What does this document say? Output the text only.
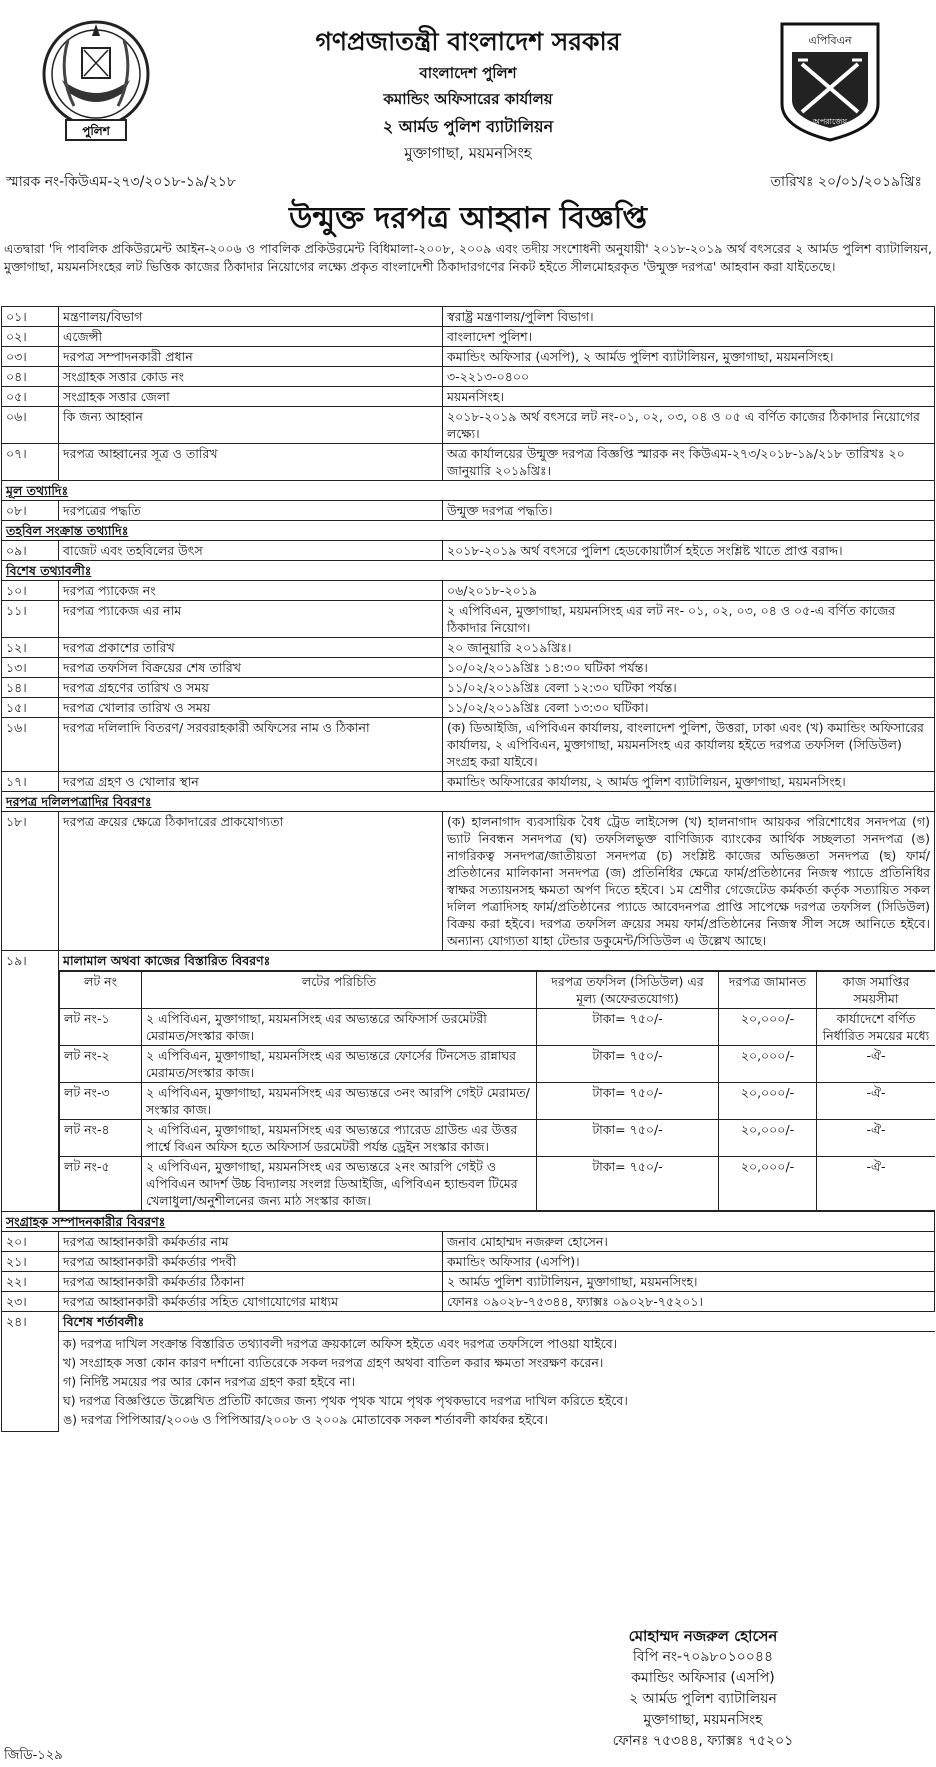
পুলিশ
এপিবিএন
অপরাজেয়
গণপ্রজাতন্ত্রী বাংলাদেশ সরকার
বাংলাদেশ পুলিশ
কমান্ডিং অফিসারের কার্যালয়
২ আর্মড পুলিশ ব্যাটালিয়ন
মুক্তাগাছা, ময়মনসিংহ
স্মারক নং-কিউএম-২৭৩/২০১৮-১৯/২১৮	তারিখঃ ২০/০১/২০১৯খ্রিঃ
উন্মুক্ত দরপত্র আহ্বান বিজ্ঞপ্তি
এতদ্বারা 'দি পাবলিক প্রকিউরমেন্ট আইন-২০০৬ ও পাবলিক প্রকিউরমেন্ট বিধিমালা-২০০৮, ২০০৯ এবং তদীয় সংশোধনী অনুযায়ী' ২০১৮-২০১৯ অর্থ বৎসরের ২ আর্মড পুলিশ ব্যাটালিয়ন, মুক্তাগাছা, ময়মনসিংহের লট ভিত্তিক কাজের ঠিকাদার নিয়োগের লক্ষ্যে প্রকৃত বাংলাদেশী ঠিকাদারগণের নিকট হইতে সীলমোহরকৃত 'উন্মুক্ত দরপত্র' আহবান করা যাইতেছে।
০১।	মন্ত্রণালয়/বিভাগ	স্বরাষ্ট্র মন্ত্রণালয়/পুলিশ বিভাগ।
০২।	এজেন্সী	বাংলাদেশ পুলিশ।
০৩।	দরপত্র সম্পাদনকারী প্রধান	কমান্ডিং অফিসার (এসপি), ২ আর্মড পুলিশ ব্যাটালিয়ন, মুক্তাগাছা, ময়মনসিংহ।
০৪।	সংগ্রাহক সত্তার কোড নং	৩-২২১৩-০৪০০
০৫।	সংগ্রাহক সত্তার জেলা	ময়মনসিংহ।
০৬।	কি জন্য আহ্বান	২০১৮-২০১৯ অর্থ বৎসরে লট নং-০১, ০২, ০৩, ০৪ ও ০৫ এ বর্ণিত কাজের ঠিকাদার নিয়োগের লক্ষ্যে।
০৭।	দরপত্র আহ্বানের সূত্র ও তারিখ	অত্র কার্যালয়ের উন্মুক্ত দরপত্র বিজ্ঞপ্তি স্মারক নং কিউএম-২৭৩/২০১৮-১৯/২১৮ তারিখঃ ২০ জানুয়ারি ২০১৯খ্রিঃ।
মূল তথ্যাদিঃ
০৮।	দরপত্রের পদ্ধতি	উন্মুক্ত দরপত্র পদ্ধতি।
তহবিল সংক্রান্ত তথ্যাদিঃ
০৯।	বাজেট এবং তহবিলের উৎস	২০১৮-২০১৯ অর্থ বৎসরে পুলিশ হেডকোয়ার্টার্স হইতে সংশ্লিষ্ট খাতে প্রাপ্ত বরাদ্দ।
বিশেষ তথ্যাবলীঃ
১০।	দরপত্র প্যাকেজ নং	০৬/২০১৮-২০১৯
১১।	দরপত্র প্যাকেজ এর নাম	২ এপিবিএন, মুক্তাগাছা, ময়মনসিংহ এর লট নং- ০১, ০২, ০৩, ০৪ ও ০৫-এ বর্ণিত কাজের ঠিকাদার নিয়োগ।
১২।	দরপত্র প্রকাশের তারিখ	২০ জানুয়ারি ২০১৯খ্রিঃ।
১৩।	দরপত্র তফসিল বিক্রয়ের শেষ তারিখ	১০/০২/২০১৯খ্রিঃ ১৪:৩০ ঘটিকা পর্যন্ত।
১৪।	দরপত্র গ্রহণের তারিখ ও সময়	১১/০২/২০১৯খ্রিঃ বেলা ১২:৩০ ঘটিকা পর্যন্ত।
১৫।	দরপত্র খোলার তারিখ ও সময়	১১/০২/২০১৯খ্রিঃ বেলা ১৩:৩০ ঘটিকা।
১৬।	দরপত্র দলিলাদি বিতরণ/ সরবরাহকারী অফিসের নাম ও ঠিকানা	(ক) ডিআইজি, এপিবিএন কার্যালয়, বাংলাদেশ পুলিশ, উত্তরা, ঢাকা এবং (খ) কমান্ডিং অফিসারের কার্যালয়, ২ এপিবিএন, মুক্তাগাছা, ময়মনসিংহ এর কার্যালয় হইতে দরপত্র তফসিল (সিডিউল) সংগ্রহ করা যাইবে।
১৭।	দরপত্র গ্রহণ ও খোলার স্থান	কমান্ডিং অফিসারের কার্যালয়, ২ আর্মড পুলিশ ব্যাটালিয়ন, মুক্তাগাছা, ময়মনসিংহ।
দরপত্র দলিলপত্রাদির বিবরণঃ
১৮।	দরপত্র ক্রয়ের ক্ষেত্রে ঠিকাদারের প্রাকযোগ্যতা	(ক) হালনাগাদ ব্যবসায়িক বৈধ ট্রেড লাইসেন্স (খ) হালনাগাদ আয়কর পরিশোধের সনদপত্র (গ) ভ্যাট নিবন্ধন সনদপত্র (ঘ) তফসিলভুক্ত বাণিজ্যিক ব্যাংকের আর্থিক সচ্ছলতা সনদপত্র (ঙ) নাগরিকত্ব সনদপত্র/জাতীয়তা সনদপত্র (চ) সংশ্লিষ্ট কাজের অভিজ্ঞতা সনদপত্র (ছ) ফার্ম/প্রতিষ্ঠানের মালিকানা সনদপত্র (জ) প্রতিনিধির ক্ষেত্রে ফার্ম/প্রতিষ্ঠানের নিজস্ব প্যাডে প্রতিনিধির স্বাক্ষর সত্যায়নসহ ক্ষমতা অর্পণ দিতে হইবে। ১ম শ্রেণীর গেজেটেড কর্মকর্তা কর্তৃক সত্যায়িত সকল দলিল পত্রাদিসহ ফার্ম/প্রতিষ্ঠানের প্যাডে আবেদনপত্র প্রাপ্তি সাপেক্ষে দরপত্র তফসিল (সিডিউল) বিক্রয় করা হইবে। দরপত্র তফসিল ক্রয়ের সময় ফার্ম/প্রতিষ্ঠানের নিজস্ব সীল সঙ্গে আনিতে হইবে। অন্যান্য যোগ্যতা যাহা টেন্ডার ডকুমেন্ট/সিডিউল এ উল্লেখ আছে।
১৯।	মালামাল অথবা কাজের বিস্তারিত বিবরণঃ
লট নং	লটের পরিচিতি	দরপত্র তফসিল (সিডিউল) এর মূল্য (অফেরতযোগ্য)	দরপত্র জামানত	কাজ সমাপ্তির সময়সীমা
লট নং-১	২ এপিবিএন, মুক্তাগাছা, ময়মনসিংহ এর অভ্যন্তরে অফিসার্স ডরমেটরী মেরামত/সংস্কার কাজ।	টাকা= ৭৫০/-	২০,০০০/-	কার্যাদেশে বর্ণিত নির্ধারিত সময়ের মধ্যে
লট নং-২	২ এপিবিএন, মুক্তাগাছা, ময়মনসিংহ এর অভ্যন্তরে ফোর্সের টিনসেড রান্নাঘর মেরামত/সংস্কার কাজ।	টাকা= ৭৫০/-	২০,০০০/-	-ঐ-
লট নং-৩	২ এপিবিএন, মুক্তাগাছা, ময়মনসিংহ এর অভ্যন্তরে ৩নং আরপি গেইট মেরামত/সংস্কার কাজ।	টাকা= ৭৫০/-	২০,০০০/-	-ঐ-
লট নং-৪	২ এপিবিএন, মুক্তাগাছা, ময়মনসিংহ এর অভ্যন্তরে প্যারেড গ্রাউন্ড এর উত্তর পার্শ্বে বিএন অফিস হতে অফিসার্স ডরমেটরী পর্যন্ত ড্রেইন সংস্কার কাজ।	টাকা= ৭৫০/-	২০,০০০/-	-ঐ-
লট নং-৫	২ এপিবিএন, মুক্তাগাছা, ময়মনসিংহ এর অভ্যন্তরে ২নং আরপি গেইট ও এপিবিএন আদর্শ উচ্চ বিদ্যালয় সংলগ্ন ডিআইজি, এপিবিএন হ্যান্ডবল টিমের খেলাধুলা/অনুশীলনের জন্য মাঠ সংস্কার কাজ।	টাকা= ৭৫০/-	২০,০০০/-	-ঐ-

সংগ্রাহক সম্পাদনকারীর বিবরণঃ
২০।	দরপত্র আহ্বানকারী কর্মকর্তার নাম	জনাব মোহাম্মদ নজরুল হোসেন।
২১।	দরপত্র আহ্বানকারী কর্মকর্তার পদবী	কমান্ডিং অফিসার (এসপি)।
২২।	দরপত্র আহ্বানকারী কর্মকর্তার ঠিকানা	২ আর্মড পুলিশ ব্যাটালিয়ন, মুক্তাগাছা, ময়মনসিংহ।
২৩।	দরপত্র আহ্বানকারী কর্মকর্তার সহিত যোগাযোগের মাধ্যম	ফোনঃ ০৯০২৮-৭৫৩৪৪, ফ্যাক্সঃ ০৯০২৮-৭৫২০১।
২৪।	বিশেষ শর্তাবলীঃ
ক) দরপত্র দাখিল সংক্রান্ত বিস্তারিত তথ্যাবলী দরপত্র ক্রয়কালে অফিস হইতে এবং দরপত্র তফসিলে পাওয়া যাইবে।
খ) সংগ্রাহক সত্তা কোন কারণ দর্শানো ব্যতিরেকে সকল দরপত্র গ্রহণ অথবা বাতিল করার ক্ষমতা সংরক্ষণ করেন।
গ) নির্দিষ্ট সময়ের পর আর কোন দরপত্র গ্রহণ করা হইবে না।
ঘ) দরপত্র বিজ্ঞপ্তিতে উল্লেখিত প্রতিটি কাজের জন্য পৃথক পৃথক খামে পৃথক পৃথকভাবে দরপত্র দাখিল করিতে হইবে।
ঙ) দরপত্র পিপিআর/২০০৬ ও পিপিআর/২০০৮ ও ২০০৯ মোতাবেক সকল শর্তাবলী কার্যকর হইবে।
মোহাম্মদ নজরুল হোসেন
বিপি নং-৭০৯৮০১০০৪৪
কমান্ডিং অফিসার (এসপি)
২ আর্মড পুলিশ ব্যাটালিয়ন
মুক্তাগাছা, ময়মনসিংহ
ফোনঃ ৭৫৩৪৪, ফ্যাক্সঃ ৭৫২০১
জিডি-১২৯
